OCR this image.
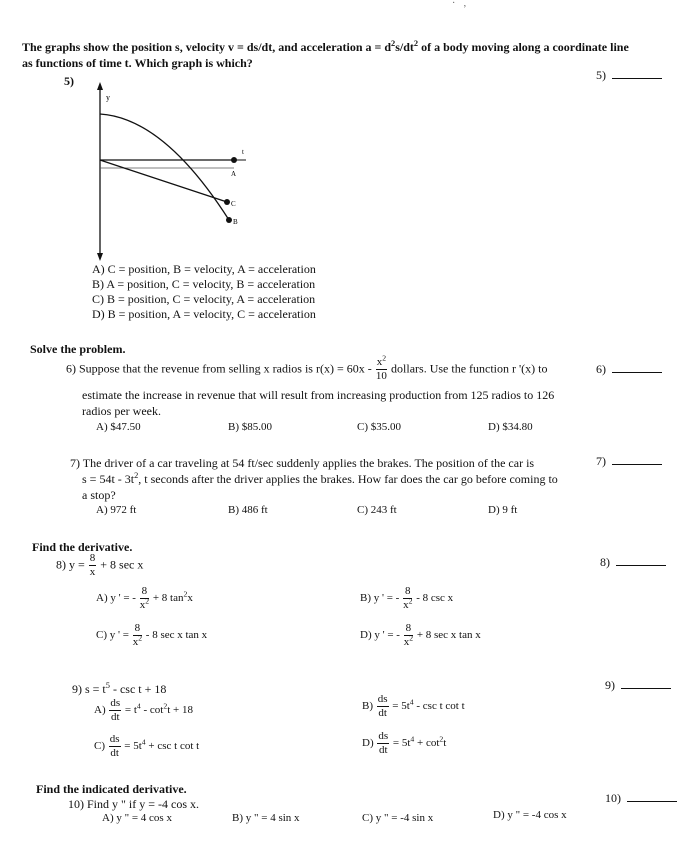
· ˙ ,
The graphs show the position s, velocity v = ds/dt, and acceleration $a = d^2s/dt^2$ of a body moving along a coordinate line
as functions of time t. Which graph is which?
5)	5)
y
t
A
C
B
A) C = position, B = velocity, A = acceleration
B) A = position, C = velocity, B = acceleration
C) B = position, C = velocity, A = acceleration
D) B = position, A = velocity, C = acceleration
Solve the problem.
6) Suppose that the revenue from selling x radios is $r(x) = 60x - \frac{x^2}{10}$ dollars. Use the function r '(x) to	6)
estimate the increase in revenue that will result from increasing production from 125 radios to 126
radios per week.
A) $47.50	B) $85.00	C) $35.00	D) $34.80
7) The driver of a car traveling at 54 ft/sec suddenly applies the brakes. The position of the car is	7)
$s = 54t - 3t^2$, t seconds after the driver applies the brakes. How far does the car go before coming to
a stop?
A) 972 ft	B) 486 ft	C) 243 ft	D) 9 ft
Find the derivative.
8) $y = \frac{8}{x} + 8$ sec x	8)
A) y ' = - $\frac{8}{x^2} + 8$ $\tan^2x$	B) y ' = - $\frac{8}{x^2} - 8$ csc x
C) y ' = $\frac{8}{x^2} - 8$ sec x tan x	D) y ' = - $\frac{8}{x^2} + 8$ sec x tan x
9) $s = t^5 - \csc t + 18$	9)
$A) \frac{ds}{dt} = t^4 - \cot^2t + 18$	$B) \frac{ds}{dt} = 5t^4 - \csc t$ cot t
$C) \frac{ds}{dt} = 5t^4 + \csc t$ cot t	$D) \frac{ds}{dt} = 5t^4 + \cot^2t$
Find the indicated derivative.
10) Find y " if y = -4 cos x.	10)
A) y " = 4 cos x	B) y " = 4 sin x	C) y " = -4 sin x	D) y " = -4 cos x
